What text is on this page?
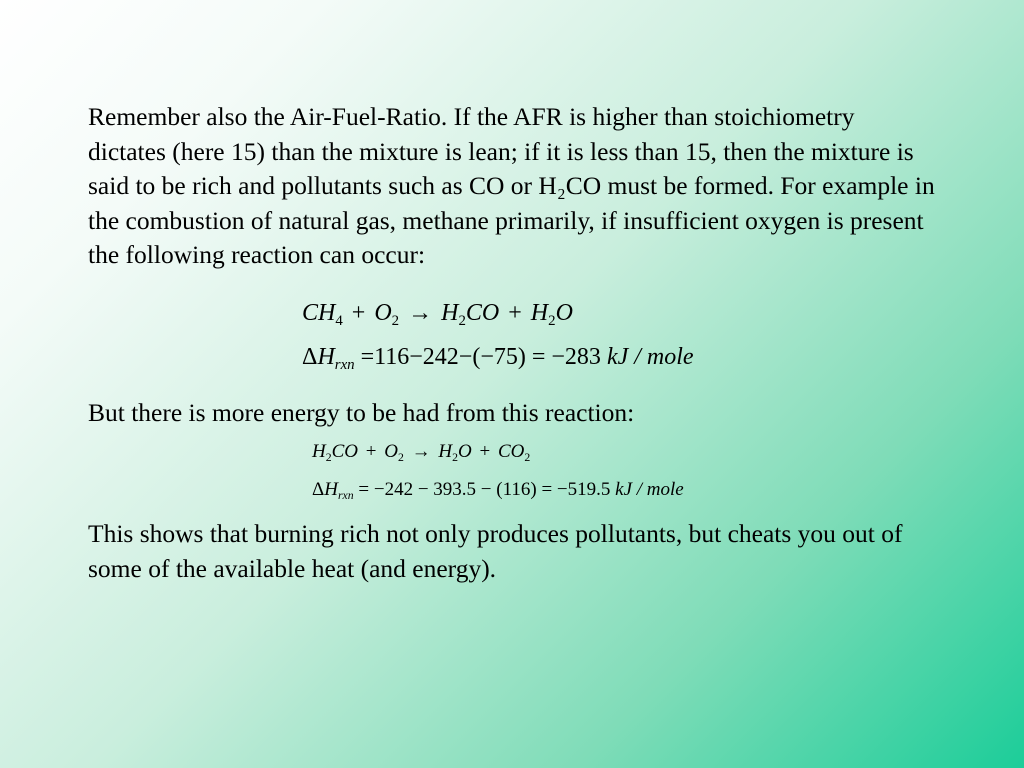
Remember also the Air-Fuel-Ratio. If the AFR is higher than stoichiometry dictates (here 15) than the mixture is lean; if it is less than 15, then the mixture is said to be rich and pollutants such as CO or H₂CO must be formed. For example in the combustion of natural gas, methane primarily, if insufficient oxygen is present the following reaction can occur:

$CH_4 + O_2 \to H_2CO + H_2O$
$\Delta H_{rxn} =116-242-(-75) = -283$ kJ / mole

But there is more energy to be had from this reaction:

$H_2CO + O_2 \to H_2O + CO_2$
$\Delta H_{rxn} = -242 - 393.5 - (116) = -519.5$ kJ / mole

This shows that burning rich not only produces pollutants, but cheats you out of some of the available heat (and energy).
